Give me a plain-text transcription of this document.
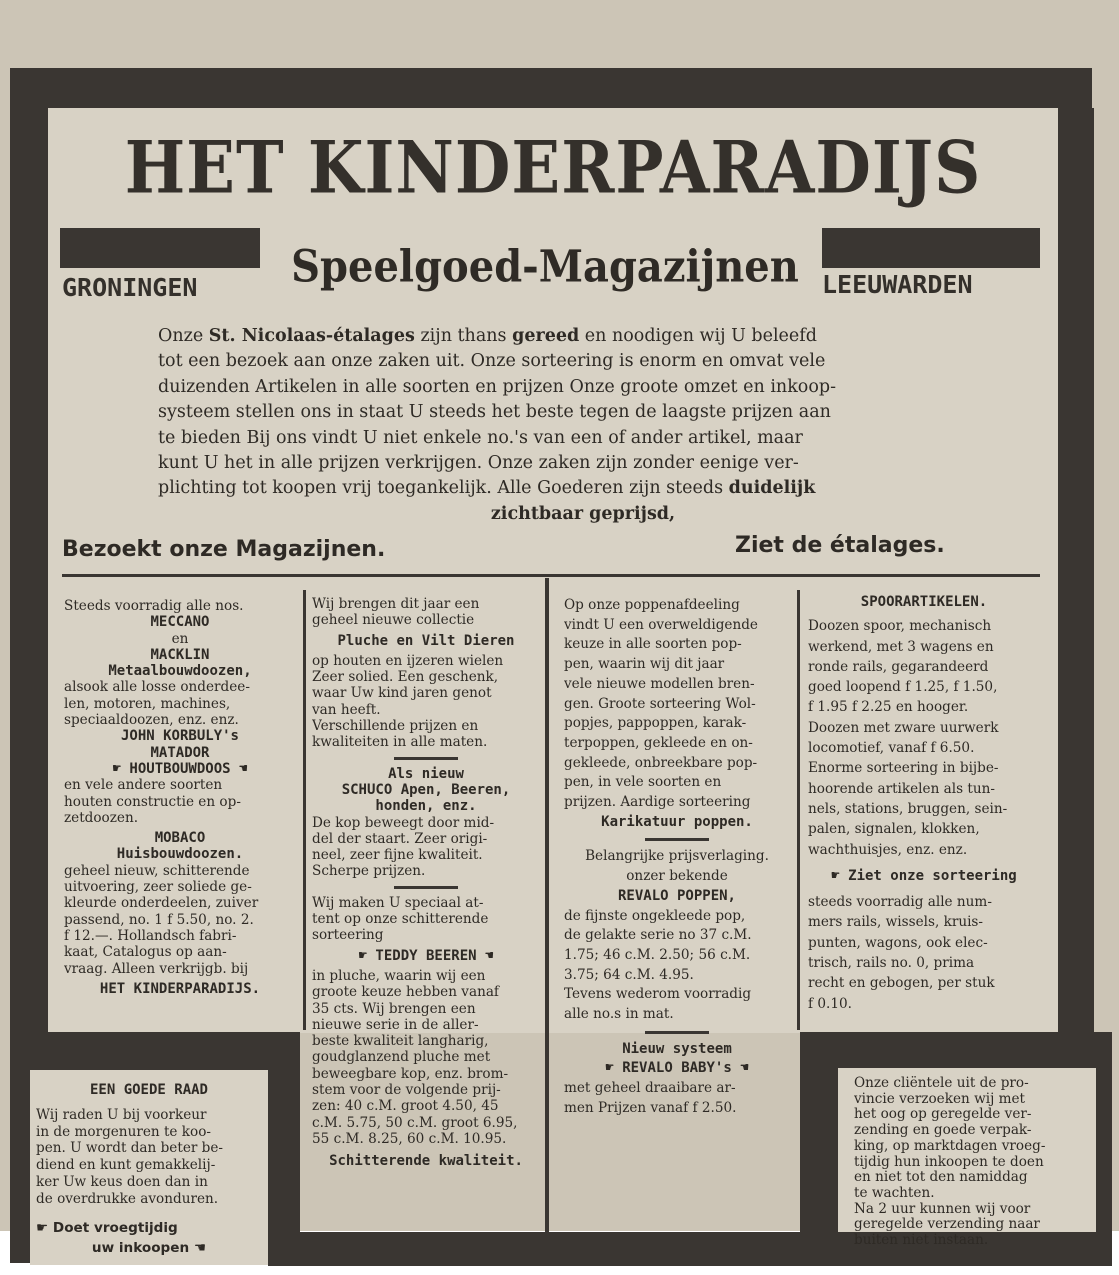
HET KINDERPARADIJS
GRONINGEN Speelgoed-Magazijnen LEEUWARDEN
Onze St. Nicolaas-étalages zijn thans gereed en noodigen wij U beleefd
tot een bezoek aan onze zaken uit. Onze sorteering is enorm en omvat vele
duizenden Artikelen in alle soorten en prijzen Onze groote omzet en inkoop-
systeem stellen ons in staat U steeds het beste tegen de laagste prijzen aan
te bieden Bij ons vindt U niet enkele no.'s van een of ander artikel, maar
kunt U het in alle prijzen verkrijgen. Onze zaken zijn zonder eenige ver-
plichting tot koopen vrij toegankelijk. Alle Goederen zijn steeds duidelijk
zichtbaar geprijsd,
Bezoekt onze Magazijnen.	Ziet de étalages.
Steeds voorradig alle nos.
MECCANO
en
MACKLIN
Metaalbouwdoozen,
alsook alle losse onderdee-
len, motoren, machines,
speciaaldoozen, enz. enz.
JOHN KORBULY's
MATADOR
☛ HOUTBOUWDOOS ☚
en vele andere soorten
houten constructie en op-
zetdoozen.
MOBACO
Huisbouwdoozen.
geheel nieuw, schitterende
uitvoering, zeer soliede ge-
kleurde onderdeelen, zuiver
passend, no. 1 f 5.50, no. 2.
f 12.—. Hollandsch fabri-
kaat, Catalogus op aan-
vraag. Alleen verkrijgb. bij
HET KINDERPARADIJS.
Wij brengen dit jaar een
geheel nieuwe collectie
Pluche en Vilt Dieren
op houten en ijzeren wielen
Zeer solied. Een geschenk,
waar Uw kind jaren genot
van heeft.
Verschillende prijzen en
kwaliteiten in alle maten.
Als nieuw
SCHUCO Apen, Beeren,
honden, enz.
De kop beweegt door mid-
del der staart. Zeer origi-
neel, zeer fijne kwaliteit.
Scherpe prijzen.
Wij maken U speciaal at-
tent op onze schitterende
sorteering
☛ TEDDY BEEREN ☚
in pluche, waarin wij een
groote keuze hebben vanaf
35 cts. Wij brengen een
nieuwe serie in de aller-
beste kwaliteit langharig,
goudglanzend pluche met
beweegbare kop, enz. brom-
stem voor de volgende prij-
zen: 40 c.M. groot 4.50, 45
c.M. 5.75, 50 c.M. groot 6.95,
55 c.M. 8.25, 60 c.M. 10.95.
Schitterende kwaliteit.
Op onze poppenafdeeling
vindt U een overweldigende
keuze in alle soorten pop-
pen, waarin wij dit jaar
vele nieuwe modellen bren-
gen. Groote sorteering Wol-
popjes, pappoppen, karak-
terpoppen, gekleede en on-
gekleede, onbreekbare pop-
pen, in vele soorten en
prijzen. Aardige sorteering
Karikatuur poppen.
Belangrijke prijsverlaging.
onzer bekende
REVALO POPPEN,
de fijnste ongekleede pop,
de gelakte serie no 37 c.M.
1.75; 46 c.M. 2.50; 56 c.M.
3.75; 64 c.M. 4.95.
Tevens wederom voorradig
alle no.s in mat.
Nieuw systeem
☛ REVALO BABY's ☚
met geheel draaibare ar-
men Prijzen vanaf f 2.50.
SPOORARTIKELEN.
Doozen spoor, mechanisch
werkend, met 3 wagens en
ronde rails, gegarandeerd
goed loopend f 1.25, f 1.50,
f 1.95 f 2.25 en hooger.
Doozen met zware uurwerk
locomotief, vanaf f 6.50.
Enorme sorteering in bijbe-
hoorende artikelen als tun-
nels, stations, bruggen, sein-
palen, signalen, klokken,
wachthuisjes, enz. enz.
☛ Ziet onze sorteering
steeds voorradig alle num-
mers rails, wissels, kruis-
punten, wagons, ook elec-
trisch, rails no. 0, prima
recht en gebogen, per stuk
f 0.10.
EEN GOEDE RAAD
Wij raden U bij voorkeur
in de morgenuren te koo-
pen. U wordt dan beter be-
diend en kunt gemakkelij-
ker Uw keus doen dan in
de overdrukke avonduren.
☛ Doet vroegtijdig
uw inkoopen ☚
Onze cliëntele uit de pro-
vincie verzoeken wij met
het oog op geregelde ver-
zending en goede verpak-
king, op marktdagen vroeg-
tijdig hun inkoopen te doen
en niet tot den namiddag
te wachten.
Na 2 uur kunnen wij voor
geregelde verzending naar
buiten niet instaan.
